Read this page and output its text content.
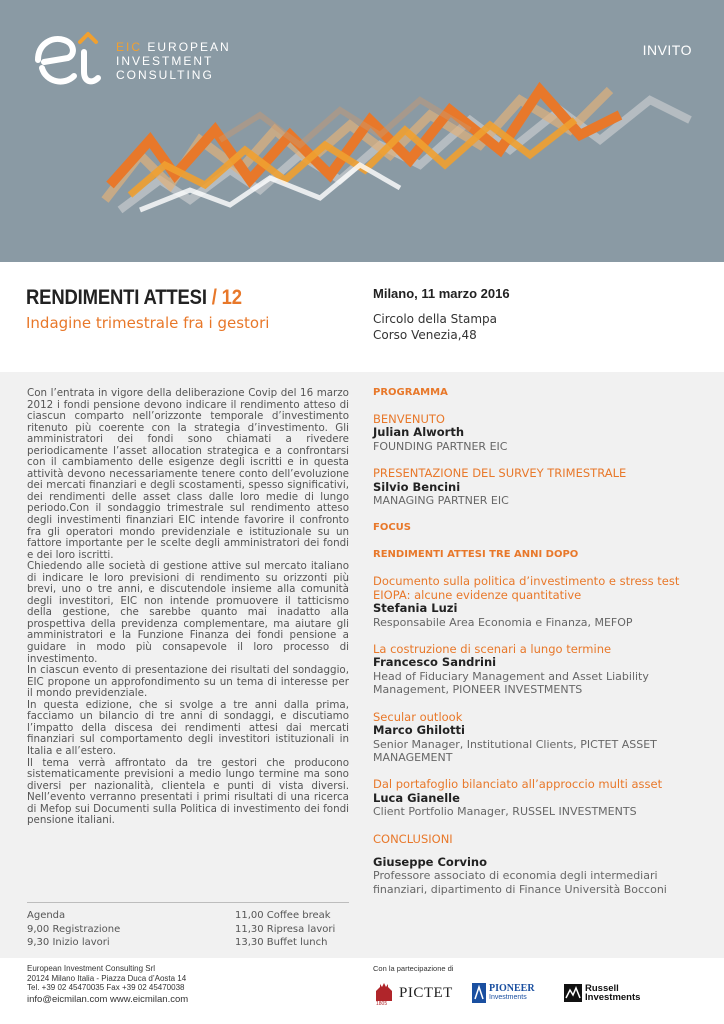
EIC EUROPEAN
INVESTMENT
CONSULTING
INVITO
RENDIMENTI ATTESI / 12
Indagine trimestrale fra i gestori
Milano, 11 marzo 2016
Circolo della Stampa
Corso Venezia,48

Con l’entrata in vigore della deliberazione Covip del 16 marzo 2012 i fondi pensione devono indicare il rendimento atteso di ciascun comparto nell’orizzonte temporale d’investimento ritenuto più coerente con la strategia d’investimento. Gli amministratori dei fondi sono chiamati a rivedere periodicamente l’asset allocation strategica e a confrontarsi con il cambiamento delle esigenze degli iscritti e in questa attività devono necessariamente tenere conto dell’evoluzione dei mercati finanziari e degli scostamenti, spesso significativi, dei rendimenti delle asset class dalle loro medie di lungo periodo.Con il sondaggio trimestrale sul rendimento atteso degli investimenti finanziari EIC intende favorire il confronto fra gli operatori mondo previdenziale e istituzionale su un fattore importante per le scelte degli amministratori dei fondi e dei loro iscritti.

Chiedendo alle società di gestione attive sul mercato italiano di indicare le loro previsioni di rendimento su orizzonti più brevi, uno o tre anni, e discutendole insieme alla comunità degli investitori, EIC non intende promuovere il tatticismo della gestione, che sarebbe quanto mai inadatto alla prospettiva della previdenza complementare, ma aiutare gli amministratori e la Funzione Finanza dei fondi pensione a guidare in modo più consapevole il loro processo di investimento.

In ciascun evento di presentazione dei risultati del sondaggio, EIC propone un approfondimento su un tema di interesse per il mondo previdenziale.

In questa edizione, che si svolge a tre anni dalla prima, facciamo un bilancio di tre anni di sondaggi, e discutiamo l’impatto della discesa dei rendimenti attesi dai mercati finanziari sul comportamento degli investitori istituzionali in Italia e all’estero.

Il tema verrà affrontato da tre gestori che producono sistematicamente previsioni a medio lungo termine ma sono diversi per nazionalità, clientela e punti di vista diversi. Nell’evento verranno presentati i primi risultati di una ricerca di Mefop sui Documenti sulla Politica di investimento dei fondi pensione italiani.

Agenda
9,00 Registrazione
9,30 Inizio lavori
11,00 Coffee break
11,30 Ripresa lavori
13,30 Buffet lunch
PROGRAMMA
BENVENUTO
Julian Alworth
FOUNDING PARTNER EIC
PRESENTAZIONE DEL SURVEY TRIMESTRALE
Silvio Bencini
MANAGING PARTNER EIC
FOCUS
RENDIMENTI ATTESI TRE ANNI DOPO
Documento sulla politica d’investimento e stress test
EIOPA: alcune evidenze quantitative
Stefania Luzi
Responsabile Area Economia e Finanza, MEFOP
La costruzione di scenari a lungo termine
Francesco Sandrini
Head of Fiduciary Management and Asset Liability
Management, PIONEER INVESTMENTS
Secular outlook
Marco Ghilotti
Senior Manager, Institutional Clients, PICTET ASSET
MANAGEMENT
Dal portafoglio bilanciato all’approccio multi asset
Luca Gianelle
Client Portfolio Manager, RUSSEL INVESTMENTS
CONCLUSIONI
Giuseppe Corvino
Professore associato di economia degli intermediari
finanziari, dipartimento di Finance Università Bocconi
European Investment Consulting Srl
20124 Milano Italia - Piazza Duca d’Aosta 14
Tel. +39 02 45470035 Fax +39 02 45470038
info@eicmilan.com www.eicmilan.com
Con la partecipazione di
1805
PICTET	PIONEER
Investments
Russell
Investments
